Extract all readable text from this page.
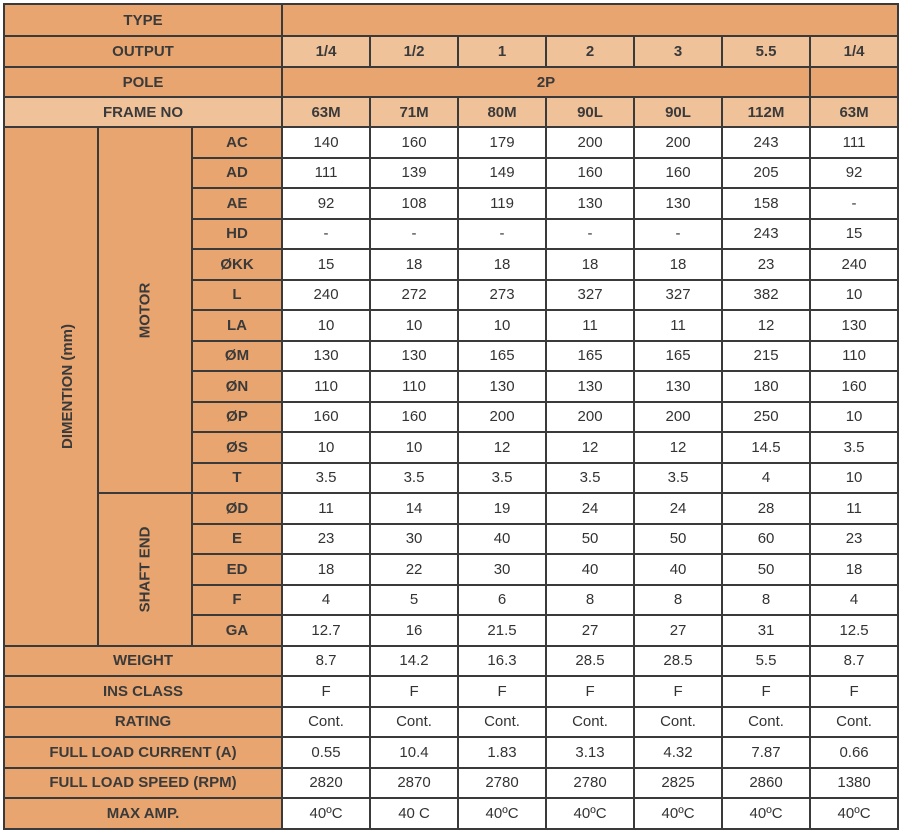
TYPE									
OUTPUT			1/4	1/2	1	2	3	5.5	1/4
POLE			2P						
FRAME NO			63M	71M	80M	90L	90L	112M	63M
DIMENTION (mm)	MOTOR	AC	140	160	179	200	200	243	111
		AD	111	139	149	160	160	205	92
		AE	92	108	119	130	130	158	-
		HD	-	-	-	-	-	243	15
		ØKK	15	18	18	18	18	23	240
		L	240	272	273	327	327	382	10
		LA	10	10	10	11	11	12	130
		ØM	130	130	165	165	165	215	110
		ØN	110	110	130	130	130	180	160
		ØP	160	160	200	200	200	250	10
		ØS	10	10	12	12	12	14.5	3.5
		T	3.5	3.5	3.5	3.5	3.5	4	10
	SHAFT END	ØD	11	14	19	24	24	28	11
		E	23	30	40	50	50	60	23
		ED	18	22	30	40	40	50	18
		F	4	5	6	8	8	8	4
		GA	12.7	16	21.5	27	27	31	12.5
WEIGHT			8.7	14.2	16.3	28.5	28.5	5.5	8.7
INS CLASS			F	F	F	F	F	F	F
RATING			Cont.	Cont.	Cont.	Cont.	Cont.	Cont.	Cont.
FULL LOAD CURRENT (A)			0.55	10.4	1.83	3.13	4.32	7.87	0.66
FULL LOAD SPEED (RPM)			2820	2870	2780	2780	2825	2860	1380
MAX AMP.			40ºC	40 C	40ºC	40ºC	40ºC	40ºC	40ºC
